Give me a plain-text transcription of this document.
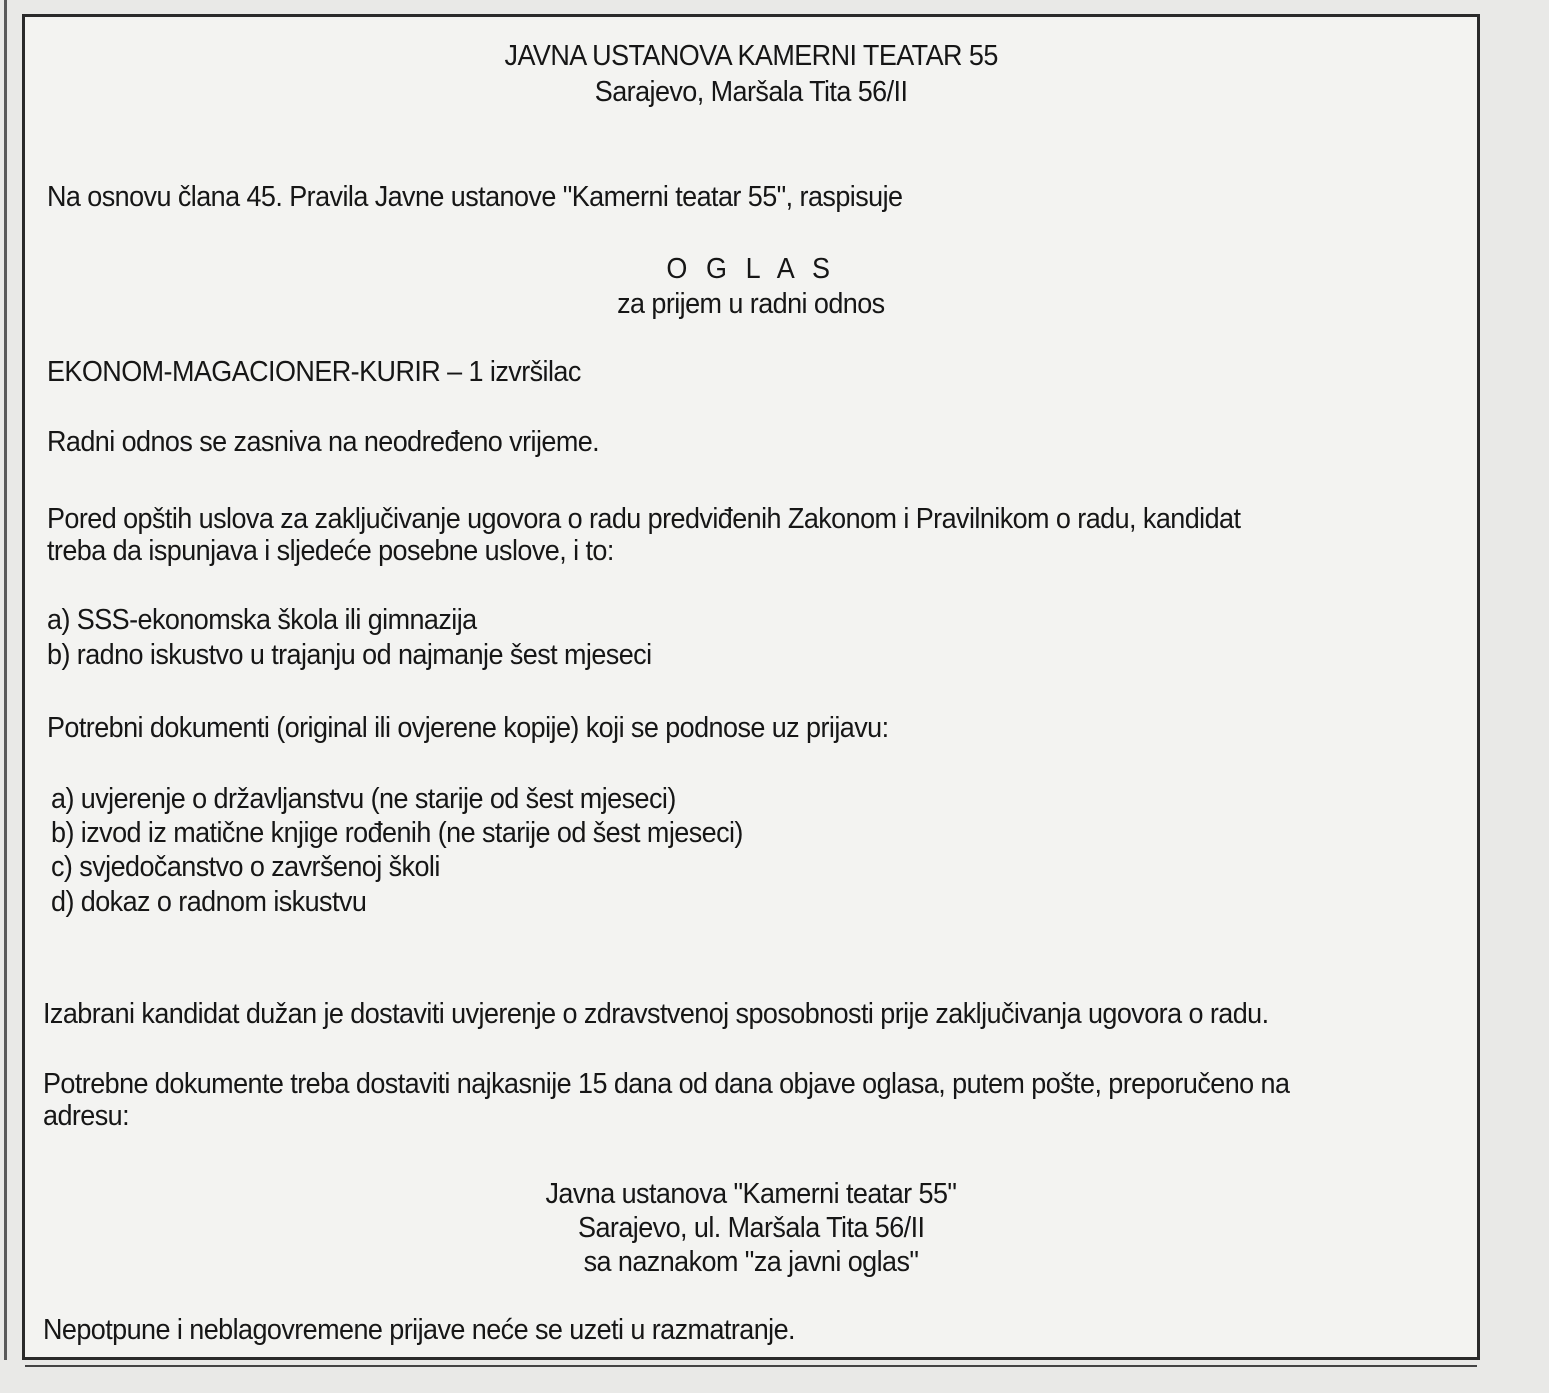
JAVNA USTANOVA KAMERNI TEATAR 55
Sarajevo, Maršala Tita 56/II
Na osnovu člana 45. Pravila Javne ustanove "Kamerni teatar 55", raspisuje
O G L A S
za prijem u radni odnos
EKONOM-MAGACIONER-KURIR – 1 izvršilac
Radni odnos se zasniva na neodređeno vrijeme.
Pored opštih uslova za zaključivanje ugovora o radu predviđenih Zakonom i Pravilnikom o radu, kandidat
treba da ispunjava i sljedeće posebne uslove, i to:
a) SSS-ekonomska škola ili gimnazija
b) radno iskustvo u trajanju od najmanje šest mjeseci
Potrebni dokumenti (original ili ovjerene kopije) koji se podnose uz prijavu:
a) uvjerenje o državljanstvu (ne starije od šest mjeseci)
b) izvod iz matične knjige rođenih (ne starije od šest mjeseci)
c) svjedočanstvo o završenoj školi
d) dokaz o radnom iskustvu
Izabrani kandidat dužan je dostaviti uvjerenje o zdravstvenoj sposobnosti prije zaključivanja ugovora o radu.
Potrebne dokumente treba dostaviti najkasnije 15 dana od dana objave oglasa, putem pošte, preporučeno na
adresu:
Javna ustanova "Kamerni teatar 55"
Sarajevo, ul. Maršala Tita 56/II
sa naznakom "za javni oglas"
Nepotpune i neblagovremene prijave neće se uzeti u razmatranje.
